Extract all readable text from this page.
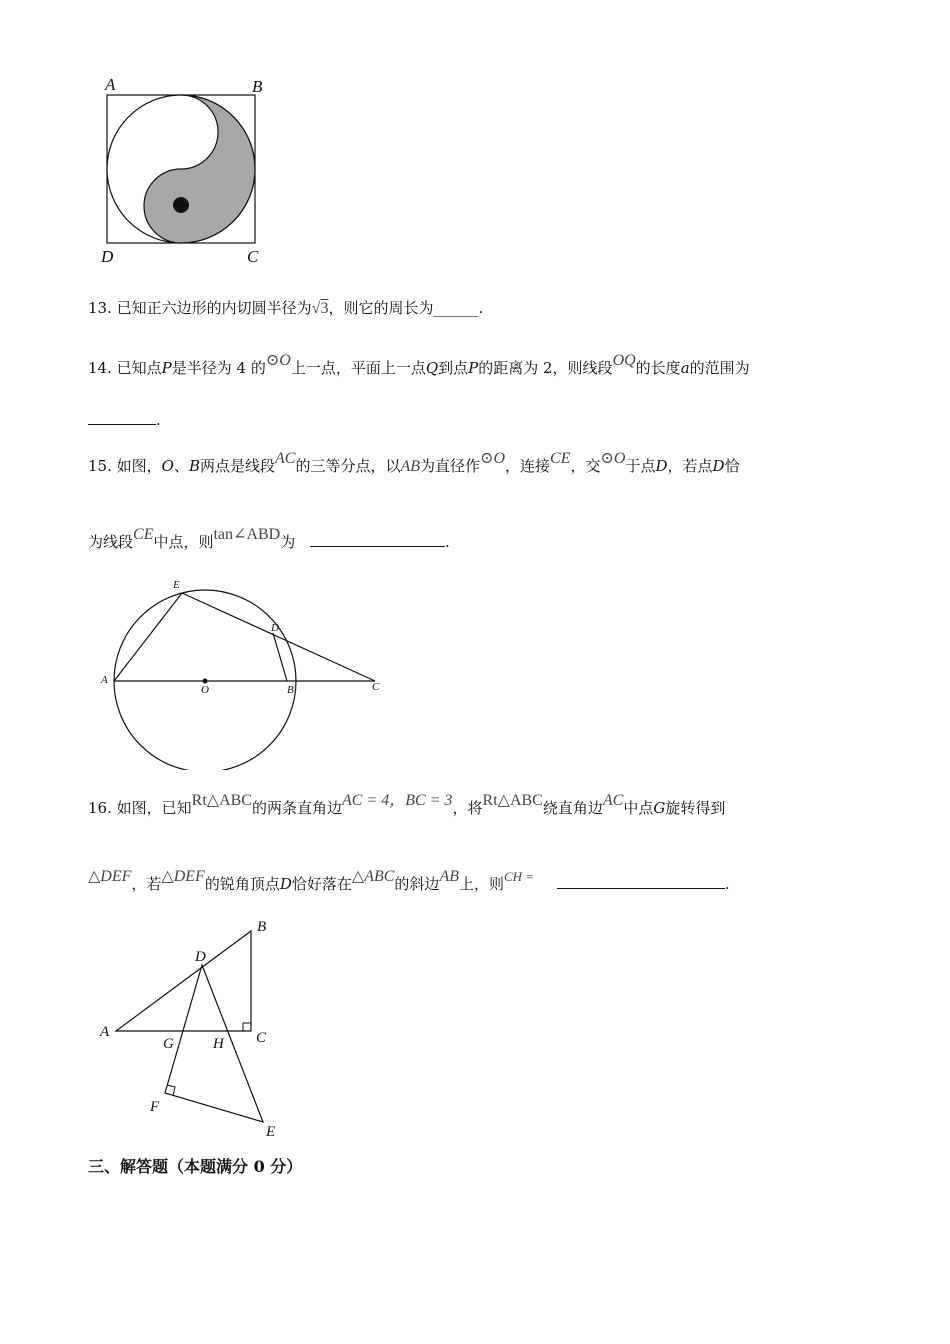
A	B
D	C
13. 已知正六边形的内切圆半径为√3，则它的周长为______.
14. 已知点P是半径为 4 的⊙O上一点，平面上一点Q到点P的距离为 2，则线段OQ的长度a的范围为
.
15. 如图，O、B两点是线段AC的三等分点，以AB为直径作⊙O，连接CE，交⊙O于点D，若点D恰
为线段CE中点，则tan∠ABD为	.
E
D
A
O	B	C
16. 如图，已知Rt△ABC的两条直角边AC = 4，BC = 3，将Rt△ABC绕直角边AC中点G旋转得到
△DEF，若△DEF的锐角顶点D恰好落在△ABC的斜边AB上，则CH =	.
B
D
A
G	H C
F
E
三、解答题（本题满分 0 分）
